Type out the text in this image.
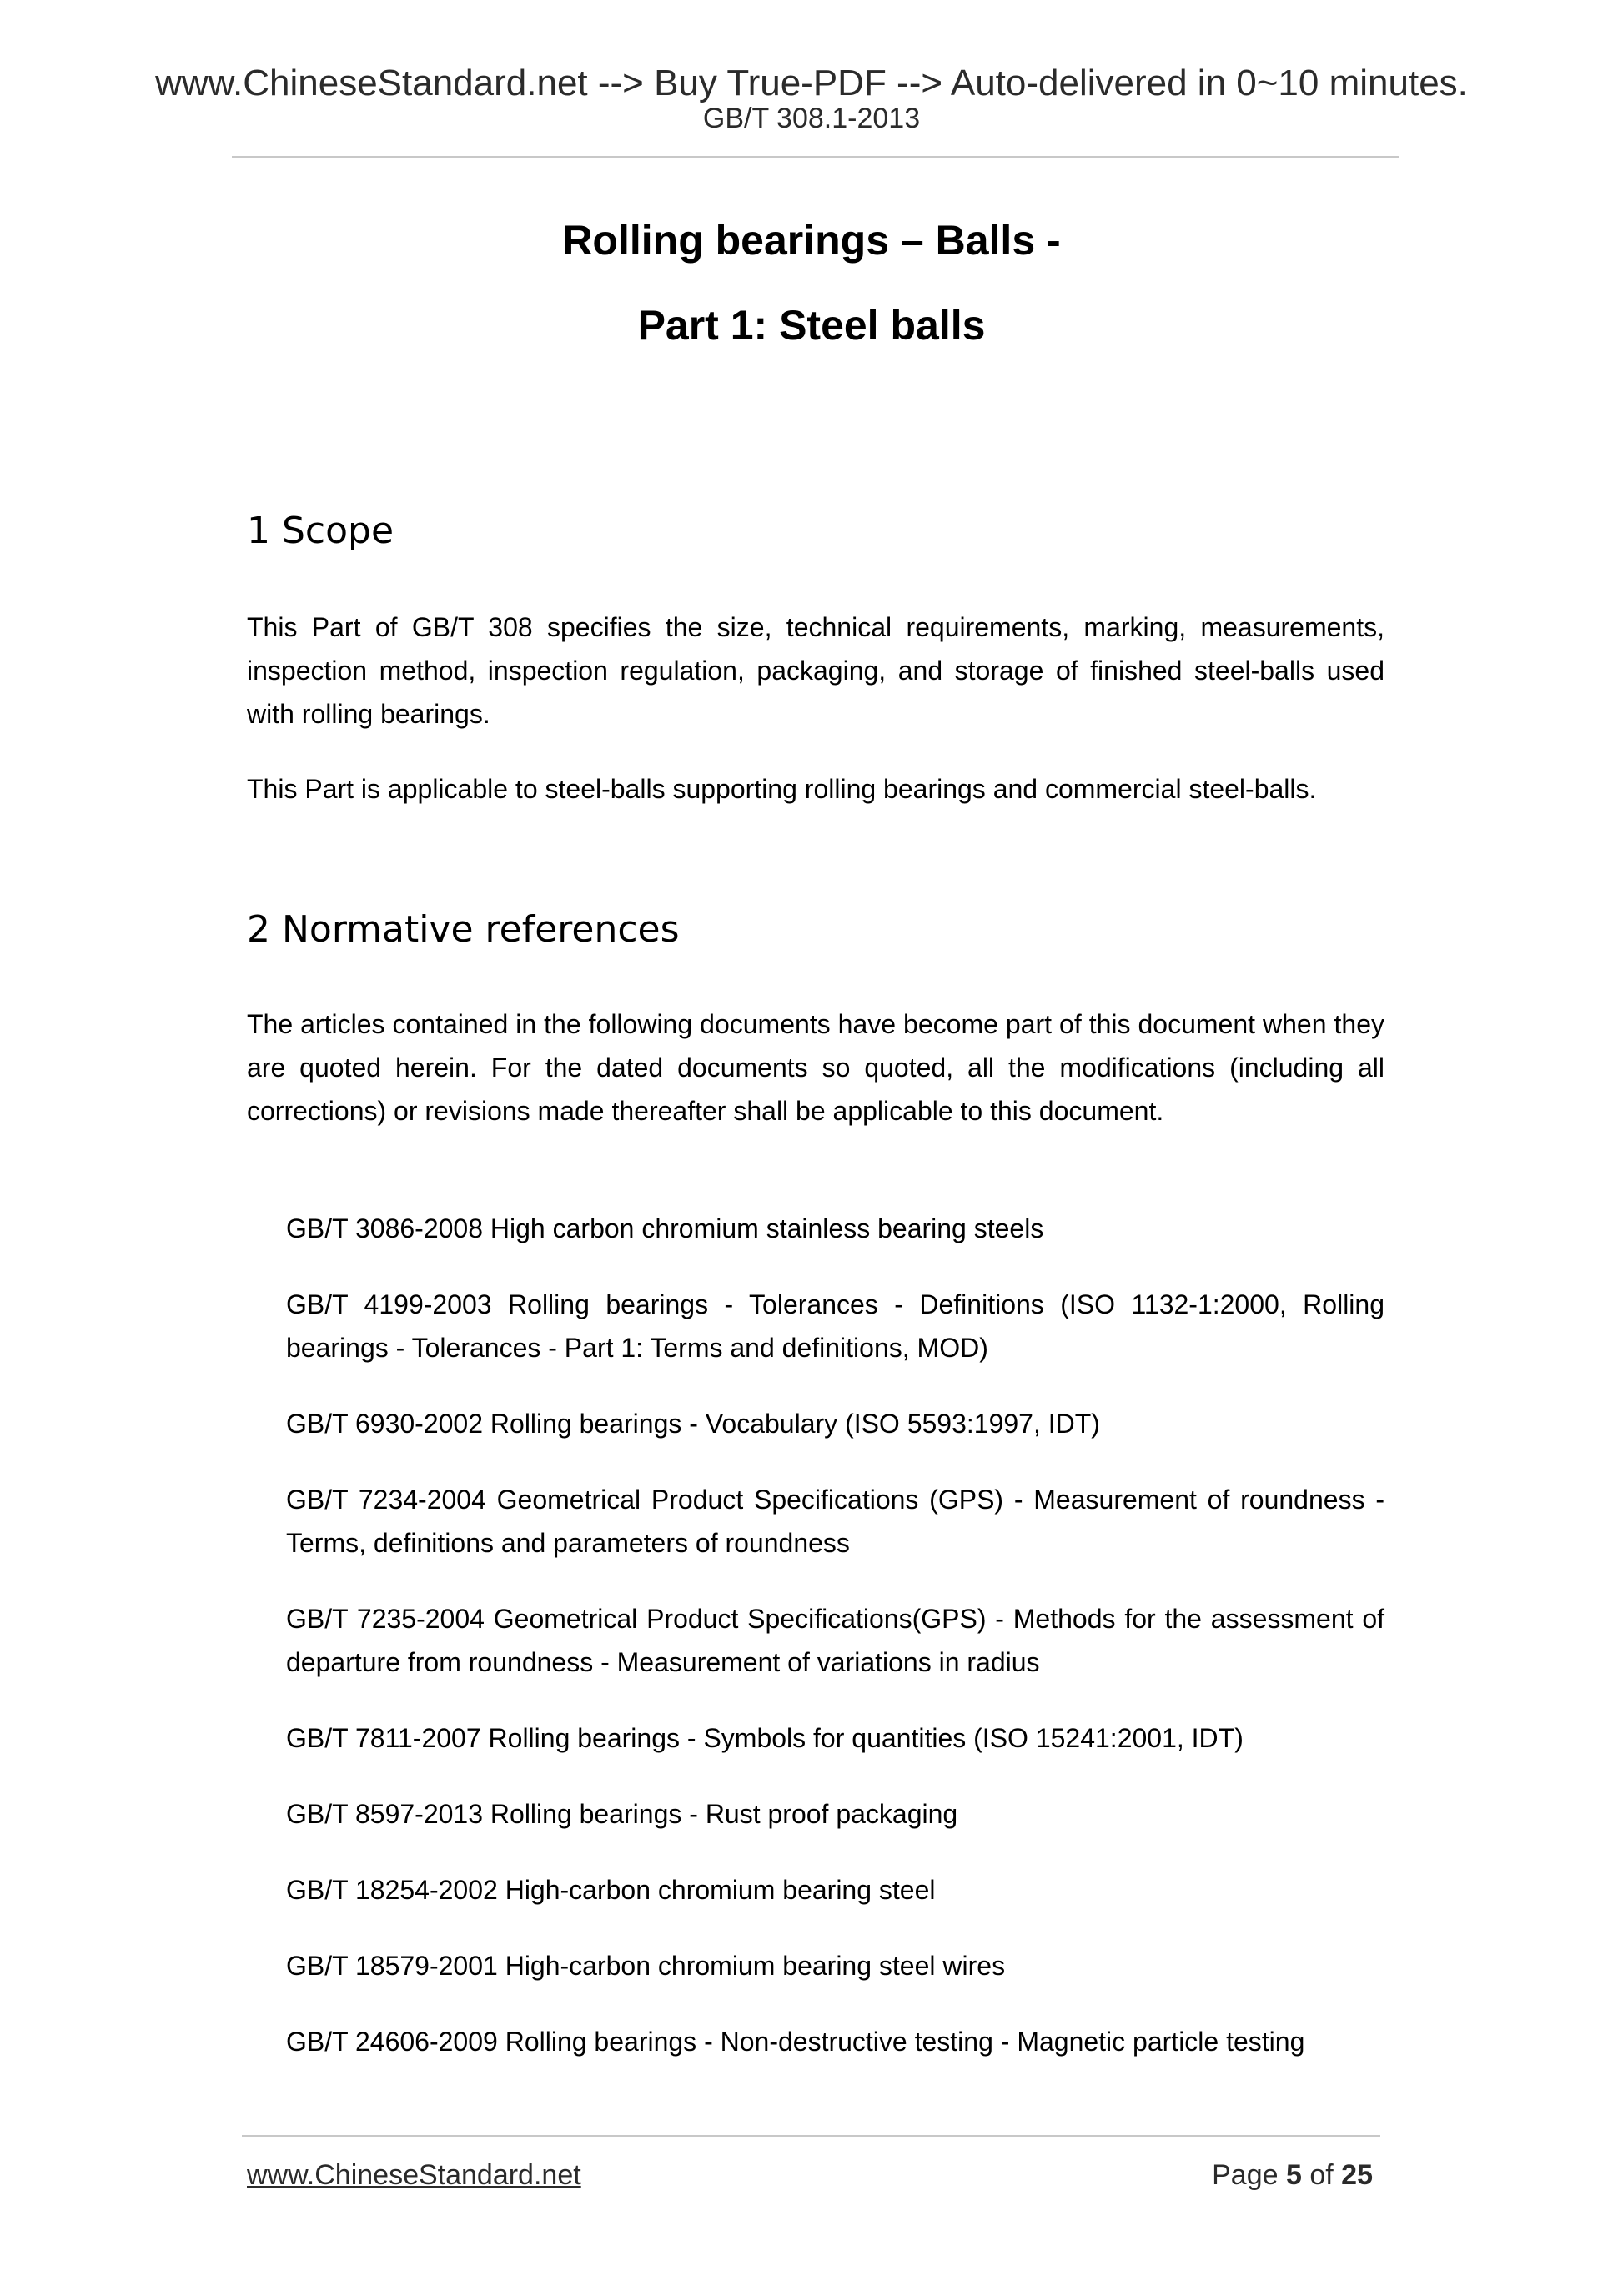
www.ChineseStandard.net --> Buy True-PDF --> Auto-delivered in 0~10 minutes.
GB/T 308.1-2013
Rolling bearings – Balls -
Part 1: Steel balls
1 Scope

This Part of GB/T 308 specifies the size, technical requirements, marking, measurements, inspection method, inspection regulation, packaging, and storage of finished steel-balls used with rolling bearings.

This Part is applicable to steel-balls supporting rolling bearings and commercial steel-balls.

2 Normative references

The articles contained in the following documents have become part of this document when they are quoted herein. For the dated documents so quoted, all the modifications (including all corrections) or revisions made thereafter shall be applicable to this document.

GB/T 3086-2008 High carbon chromium stainless bearing steels
GB/T 4199-2003 Rolling bearings - Tolerances - Definitions (ISO 1132-1:2000, Rolling bearings - Tolerances - Part 1: Terms and definitions, MOD)
GB/T 6930-2002 Rolling bearings - Vocabulary (ISO 5593:1997, IDT)
GB/T 7234-2004 Geometrical Product Specifications (GPS) - Measurement of roundness - Terms, definitions and parameters of roundness
GB/T 7235-2004 Geometrical Product Specifications(GPS) - Methods for the assessment of departure from roundness - Measurement of variations in radius
GB/T 7811-2007 Rolling bearings - Symbols for quantities (ISO 15241:2001, IDT)
GB/T 8597-2013 Rolling bearings - Rust proof packaging
GB/T 18254-2002 High-carbon chromium bearing steel
GB/T 18579-2001 High-carbon chromium bearing steel wires
GB/T 24606-2009 Rolling bearings - Non-destructive testing - Magnetic particle testing
www.ChineseStandard.net	Page 5 of 25
